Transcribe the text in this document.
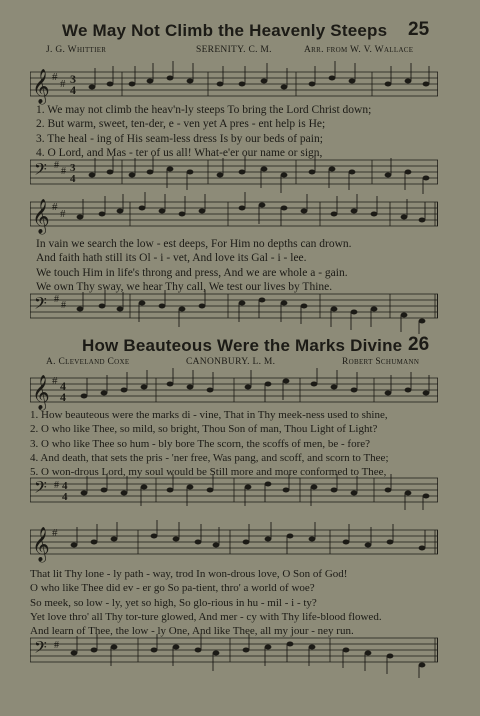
We May Not Climb the Heavenly Steeps	25
J. G. Whittier	SERENITY. C. M.	Arr. from W. V. Wallace
𝄞 #
# 3
4
1. We may not climb the heav'n-ly steeps To bring the Lord Christ down;
2. But warm, sweet, ten-der, e - ven yet A pres - ent help is He;
3. The heal - ing of His seam-less dress Is by our beds of pain;
4. O Lord, and Mas - ter of us all! What-e'er our name or sign,
𝄢 #
# 3
4
𝄞 #
#
In vain we search the low - est deeps, For Him no depths can drown.
And faith hath still its Ol - i - vet, And love its Gal - i - lee.
We touch Him in life's throng and press, And we are whole a - gain.
We own Thy sway, we hear Thy call, We test our lives by Thine.
𝄢 #
#
How Beauteous Were the Marks Divine 26
A. Cleveland Coxe	CANONBURY. L. M.	Robert Schumann
𝄞 # 4
4
1. How beauteous were the marks di - vine, That in Thy meek-ness used to shine,
2. O who like Thee, so mild, so bright, Thou Son of man, Thou Light of Light?
3. O who like Thee so hum - bly bore The scorn, the scoffs of men, be - fore?
4. And death, that sets the pris - 'ner free, Was pang, and scoff, and scorn to Thee;
5. O won-drous Lord, my soul would be Still more and more conformed to Thee,
𝄢 # 4
4
𝄞 #
That lit Thy lone - ly path - way, trod In won-drous love, O Son of God!
O who like Thee did ev - er go So pa-tient, thro' a world of woe?
So meek, so low - ly, yet so high, So glo-rious in hu - mil - i - ty?
Yet love thro' all Thy tor-ture glowed, And mer - cy with Thy life-blood flowed.
And learn of Thee, the low - ly One, And like Thee, all my jour - ney run.
𝄢 #
